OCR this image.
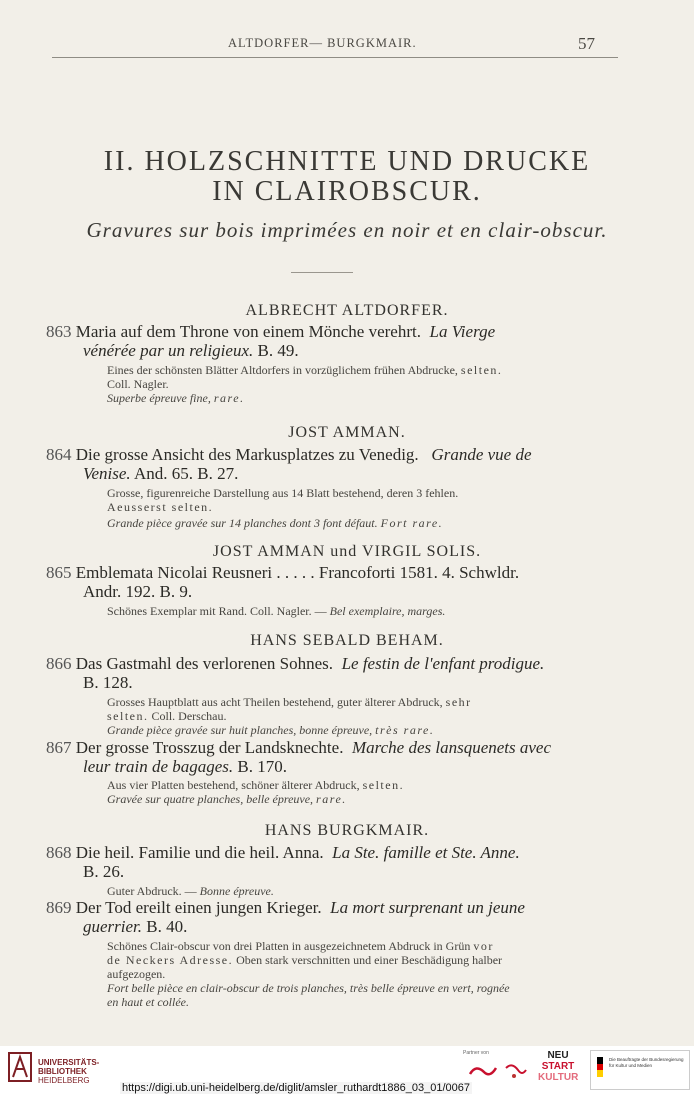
ALTDORFER— BURGKMAIR.	57
II. HOLZSCHNITTE UND DRUCKE
IN CLAIROBSCUR.
Gravures sur bois imprimées en noir et en clair-obscur.
ALBRECHT ALTDORFER.
863 Maria auf dem Throne von einem Mönche verehrt. La Vierge
vénérée par un religieux. B. 49.
Eines der schönsten Blätter Altdorfers in vorzüglichem frühen Abdrucke, selten.
Coll. Nagler.
Superbe épreuve fine, rare.
JOST AMMAN.
864 Die grosse Ansicht des Markusplatzes zu Venedig. Grande vue de
Venise. And. 65. B. 27.
Grosse, figurenreiche Darstellung aus 14 Blatt bestehend, deren 3 fehlen.
Aeusserst selten.
Grande pièce gravée sur 14 planches dont 3 font défaut. Fort rare.
JOST AMMAN und VIRGIL SOLIS.
865 Emblemata Nicolai Reusneri . . . . . Francoforti 1581. 4. Schwldr.
Andr. 192. B. 9.
Schönes Exemplar mit Rand. Coll. Nagler. — Bel exemplaire, marges.
HANS SEBALD BEHAM.
866 Das Gastmahl des verlorenen Sohnes. Le festin de l'enfant prodigue.
B. 128.
Grosses Hauptblatt aus acht Theilen bestehend, guter älterer Abdruck, sehr
selten. Coll. Derschau.
Grande pièce gravée sur huit planches, bonne épreuve, très rare.
867 Der grosse Trosszug der Landsknechte. Marche des lansquenets avec
leur train de bagages. B. 170.
Aus vier Platten bestehend, schöner älterer Abdruck, selten.
Gravée sur quatre planches, belle épreuve, rare.
HANS BURGKMAIR.
868 Die heil. Familie und die heil. Anna. La Ste. famille et Ste. Anne.
B. 26.
Guter Abdruck. — Bonne épreuve.
869 Der Tod ereilt einen jungen Krieger. La mort surprenant un jeune
guerrier. B. 40.
Schönes Clair-obscur von drei Platten in ausgezeichnetem Abdruck in Grün vor
de Neckers Adresse. Oben stark verschnitten und einer Beschädigung halber
aufgezogen.
Fort belle pièce en clair-obscur de trois planches, très belle épreuve en vert, rognée
en haut et collée.
UNIVERSITÄTS-
BIBLIOTHEK
HEIDELBERG
Partner von	NEU
START
KULTUR
Die Beauftragte der Bundesregierung für Kultur und Medien
https://digi.ub.uni-heidelberg.de/diglit/amsler_ruthardt1886_03_01/0067
